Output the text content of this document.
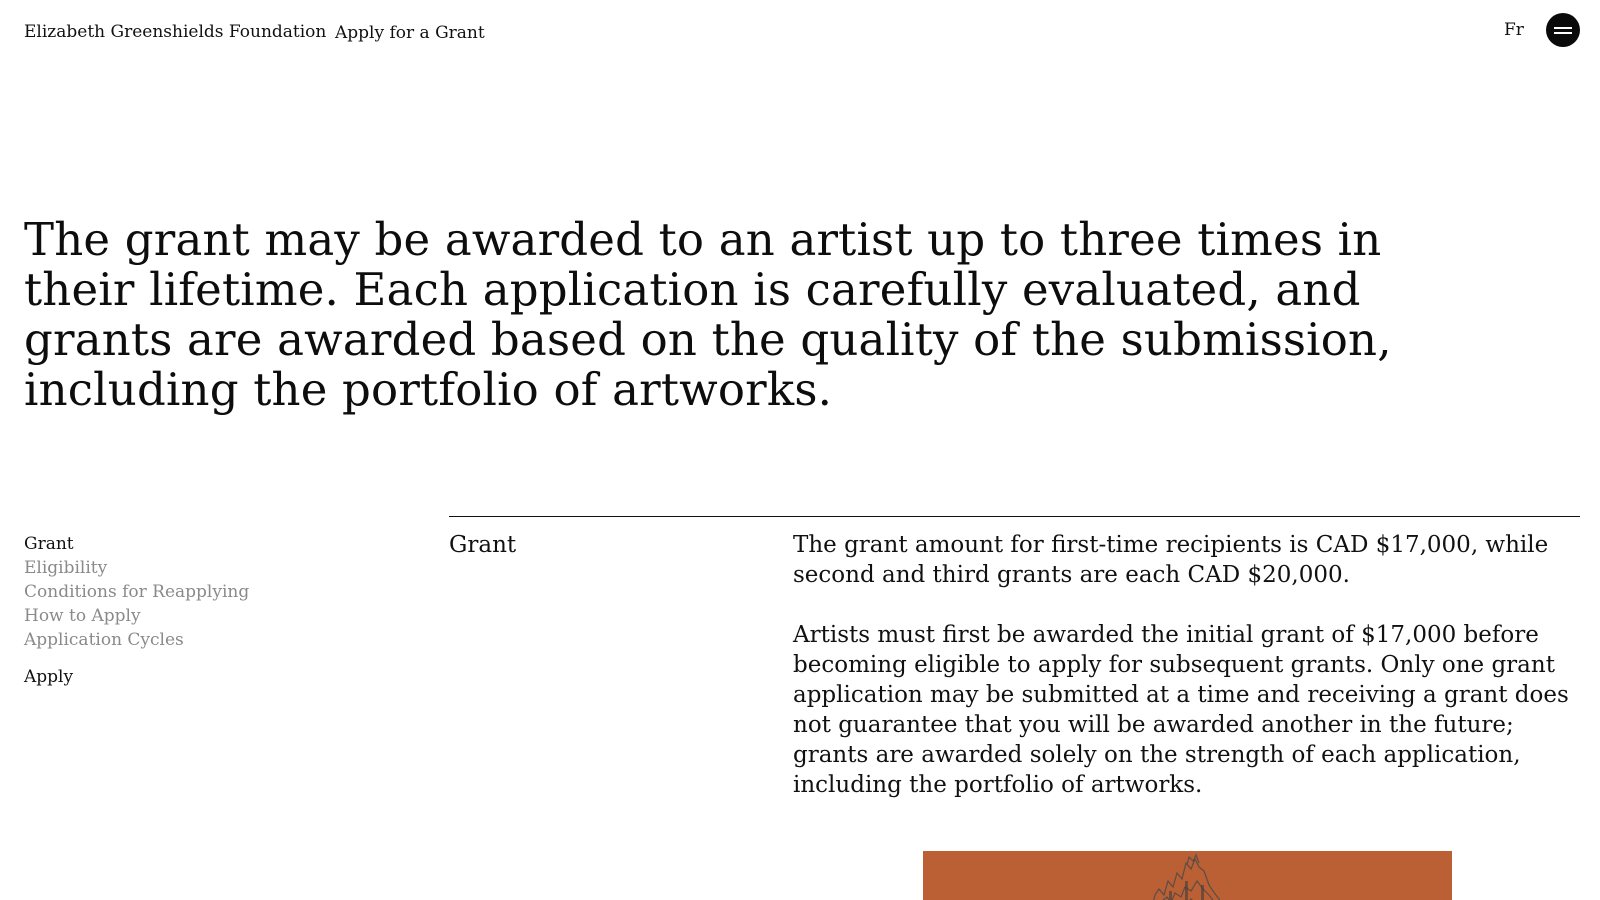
Elizabeth Greenshields Foundation Apply for a Grant	Fr
The grant may be awarded to an artist up to three times in their lifetime. Each application is carefully evaluated, and grants are awarded based on the quality of the submission, including the portfolio of artworks.
Grant
Eligibility
Conditions for Reapplying
How to Apply
Application Cycles
Apply
Grant	The grant amount for first-time recipients is CAD $17,000, while second and third grants are each CAD $20,000.

Artists must first be awarded the initial grant of $17,000 before becoming eligible to apply for subsequent grants. Only one grant application may be submitted at a time and receiving a grant does not guarantee that you will be awarded another in the future; grants are awarded solely on the strength of each application, including the portfolio of artworks.
